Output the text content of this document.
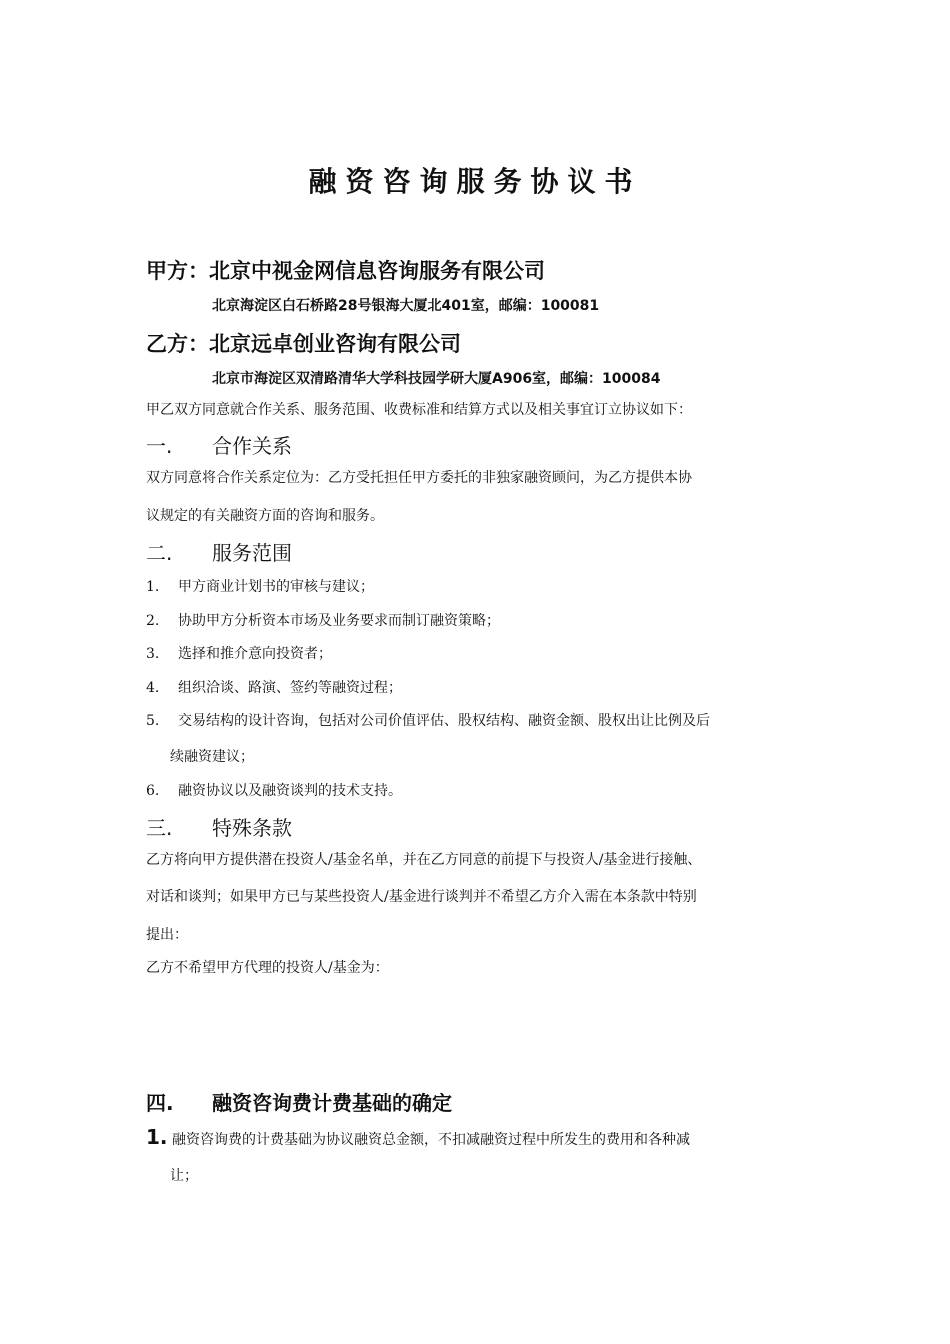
融资咨询服务协议书
甲方：北京中视金网信息咨询服务有限公司
北京海淀区白石桥路28号银海大厦北401室，邮编：100081
乙方：北京远卓创业咨询有限公司
北京市海淀区双清路清华大学科技园学研大厦A906室，邮编：100084
甲乙双方同意就合作关系、服务范围、收费标准和结算方式以及相关事宜订立协议如下：
一. 合作关系
双方同意将合作关系定位为：乙方受托担任甲方委托的非独家融资顾问，为乙方提供本协
议规定的有关融资方面的咨询和服务。
二. 服务范围
1. 甲方商业计划书的审核与建议；
2. 协助甲方分析资本市场及业务要求而制订融资策略；
3. 选择和推介意向投资者；
4. 组织洽谈、路演、签约等融资过程；
5. 交易结构的设计咨询，包括对公司价值评估、股权结构、融资金额、股权出让比例及后
续融资建议；
6. 融资协议以及融资谈判的技术支持。
三. 特殊条款
乙方将向甲方提供潜在投资人/基金名单，并在乙方同意的前提下与投资人/基金进行接触、
对话和谈判；如果甲方已与某些投资人/基金进行谈判并不希望乙方介入需在本条款中特别
提出：
乙方不希望甲方代理的投资人/基金为：
四. 融资咨询费计费基础的确定
1. 融资咨询费的计费基础为协议融资总金额，不扣减融资过程中所发生的费用和各种减
让；
